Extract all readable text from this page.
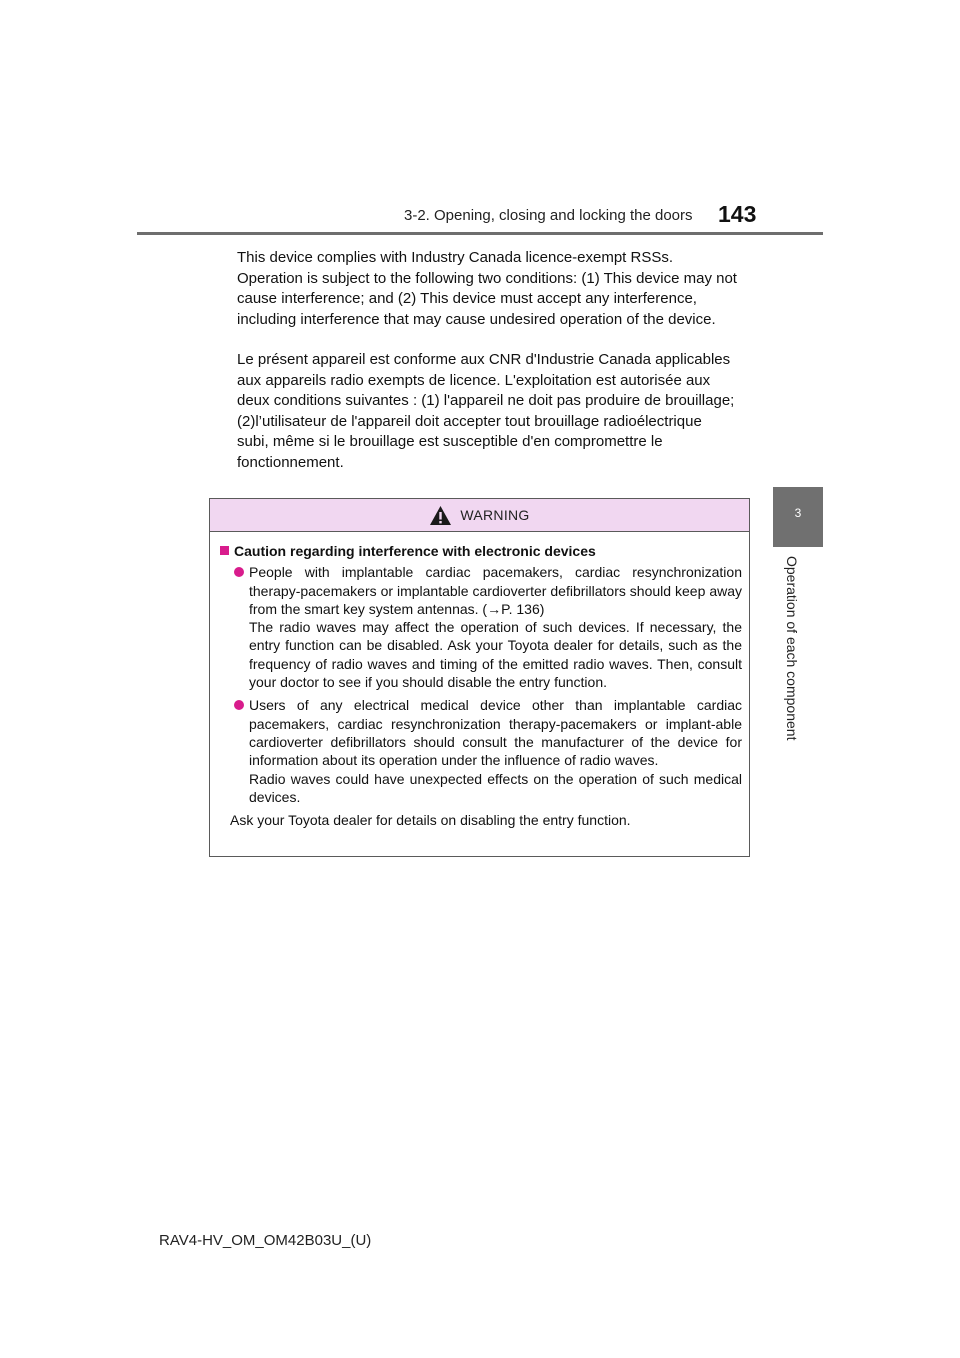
3-2. Opening, closing and locking the doors 143
3
Operation of each component

This device complies with Industry Canada licence-exempt RSSs. Operation is subject to the following two conditions: (1) This device may not cause interference; and (2) This device must accept any interference, including interference that may cause undesired operation of the device.

Le présent appareil est conforme aux CNR d'Industrie Canada applicables aux appareils radio exempts de licence. L'exploitation est autorisée aux deux conditions suivantes : (1) l'appareil ne doit pas produire de brouillage; (2)l’utilisateur de l'appareil doit accepter tout brouillage radioélectrique subi, même si le brouillage est susceptible d'en compromettre le fonctionnement.

WARNING
Caution regarding interference with electronic devices
People with implantable cardiac pacemakers, cardiac resynchronization therapy-pacemakers or implantable cardioverter defibrillators should keep away from the smart key system antennas. (→P. 136)
The radio waves may affect the operation of such devices. If necessary, the entry function can be disabled. Ask your Toyota dealer for details, such as the frequency of radio waves and timing of the emitted radio waves. Then, consult your doctor to see if you should disable the entry function.
Users of any electrical medical device other than implantable cardiac pacemakers, cardiac resynchronization therapy-pacemakers or implant-able cardioverter defibrillators should consult the manufacturer of the device for information about its operation under the influence of radio waves.
Radio waves could have unexpected effects on the operation of such medical devices.
Ask your Toyota dealer for details on disabling the entry function.
RAV4-HV_OM_OM42B03U_(U)
